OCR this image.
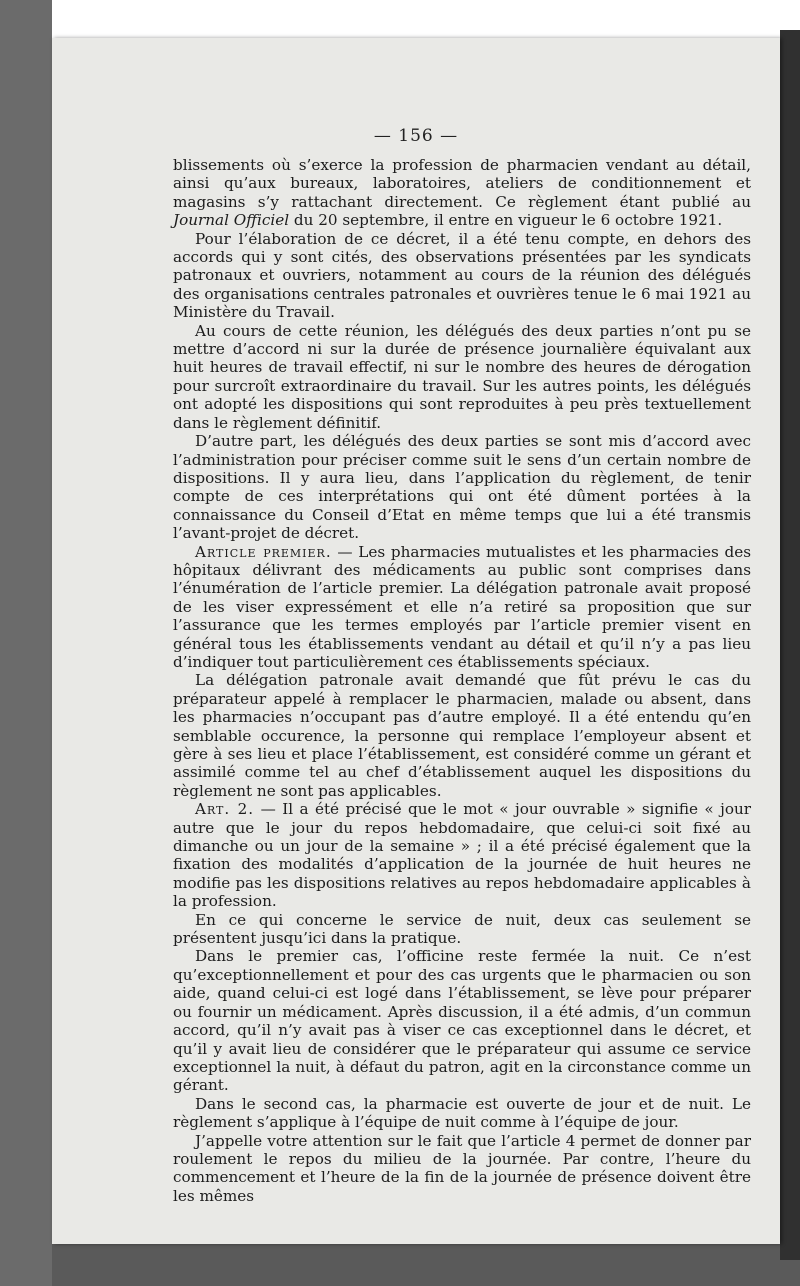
— 156 —

blissements où s’exerce la profession de pharmacien vendant au détail, ainsi qu’aux bureaux, laboratoires, ateliers de conditionnement et magasins s’y rattachant directement. Ce règlement étant publié au Journal Officiel du 20 septembre, il entre en vigueur le 6 octobre 1921.

Pour l’élaboration de ce décret, il a été tenu compte, en dehors des accords qui y sont cités, des observations présentées par les syndicats patronaux et ouvriers, notamment au cours de la réunion des délégués des organisations centrales patronales et ouvrières tenue le 6 mai 1921 au Ministère du Travail.

Au cours de cette réunion, les délégués des deux parties n’ont pu se mettre d’accord ni sur la durée de présence journalière équivalant aux huit heures de travail effectif, ni sur le nombre des heures de dérogation pour surcroît extraordinaire du travail. Sur les autres points, les délégués ont adopté les dispositions qui sont reproduites à peu près textuellement dans le règlement définitif.

D’autre part, les délégués des deux parties se sont mis d’accord avec l’administration pour préciser comme suit le sens d’un certain nombre de dispositions. Il y aura lieu, dans l’application du règlement, de tenir compte de ces interprétations qui ont été dûment portées à la connaissance du Conseil d’Etat en même temps que lui a été transmis l’avant-projet de décret.

Article premier. — Les pharmacies mutualistes et les pharmacies des hôpitaux délivrant des médicaments au public sont comprises dans l’énumération de l’article premier. La délégation patronale avait proposé de les viser expressément et elle n’a retiré sa proposition que sur l’assurance que les termes employés par l’article premier visent en général tous les établissements vendant au détail et qu’il n’y a pas lieu d’indiquer tout particulièrement ces établissements spéciaux.

La délégation patronale avait demandé que fût prévu le cas du préparateur appelé à remplacer le pharmacien, malade ou absent, dans les pharmacies n’occupant pas d’autre employé. Il a été entendu qu’en semblable occurence, la personne qui remplace l’employeur absent et gère à ses lieu et place l’établissement, est considéré comme un gérant et assimilé comme tel au chef d’établissement auquel les dispositions du règlement ne sont pas applicables.

Art. 2. — Il a été précisé que le mot « jour ouvrable » signifie « jour autre que le jour du repos hebdomadaire, que celui-ci soit fixé au dimanche ou un jour de la semaine » ; il a été précisé également que la fixation des modalités d’application de la journée de huit heures ne modifie pas les dispositions relatives au repos hebdomadaire applicables à la profession.

En ce qui concerne le service de nuit, deux cas seulement se présentent jusqu’ici dans la pratique.

Dans le premier cas, l’officine reste fermée la nuit. Ce n’est qu’exceptionnellement et pour des cas urgents que le pharmacien ou son aide, quand celui-ci est logé dans l’établissement, se lève pour préparer ou fournir un médicament. Après discussion, il a été admis, d’un commun accord, qu’il n’y avait pas à viser ce cas exceptionnel dans le décret, et qu’il y avait lieu de considérer que le préparateur qui assume ce service exceptionnel la nuit, à défaut du patron, agit en la circonstance comme un gérant.

Dans le second cas, la pharmacie est ouverte de jour et de nuit. Le règlement s’applique à l’équipe de nuit comme à l’équipe de jour.

J’appelle votre attention sur le fait que l’article 4 permet de donner par roulement le repos du milieu de la journée. Par contre, l’heure du commencement et l’heure de la fin de la journée de présence doivent être les mêmes
